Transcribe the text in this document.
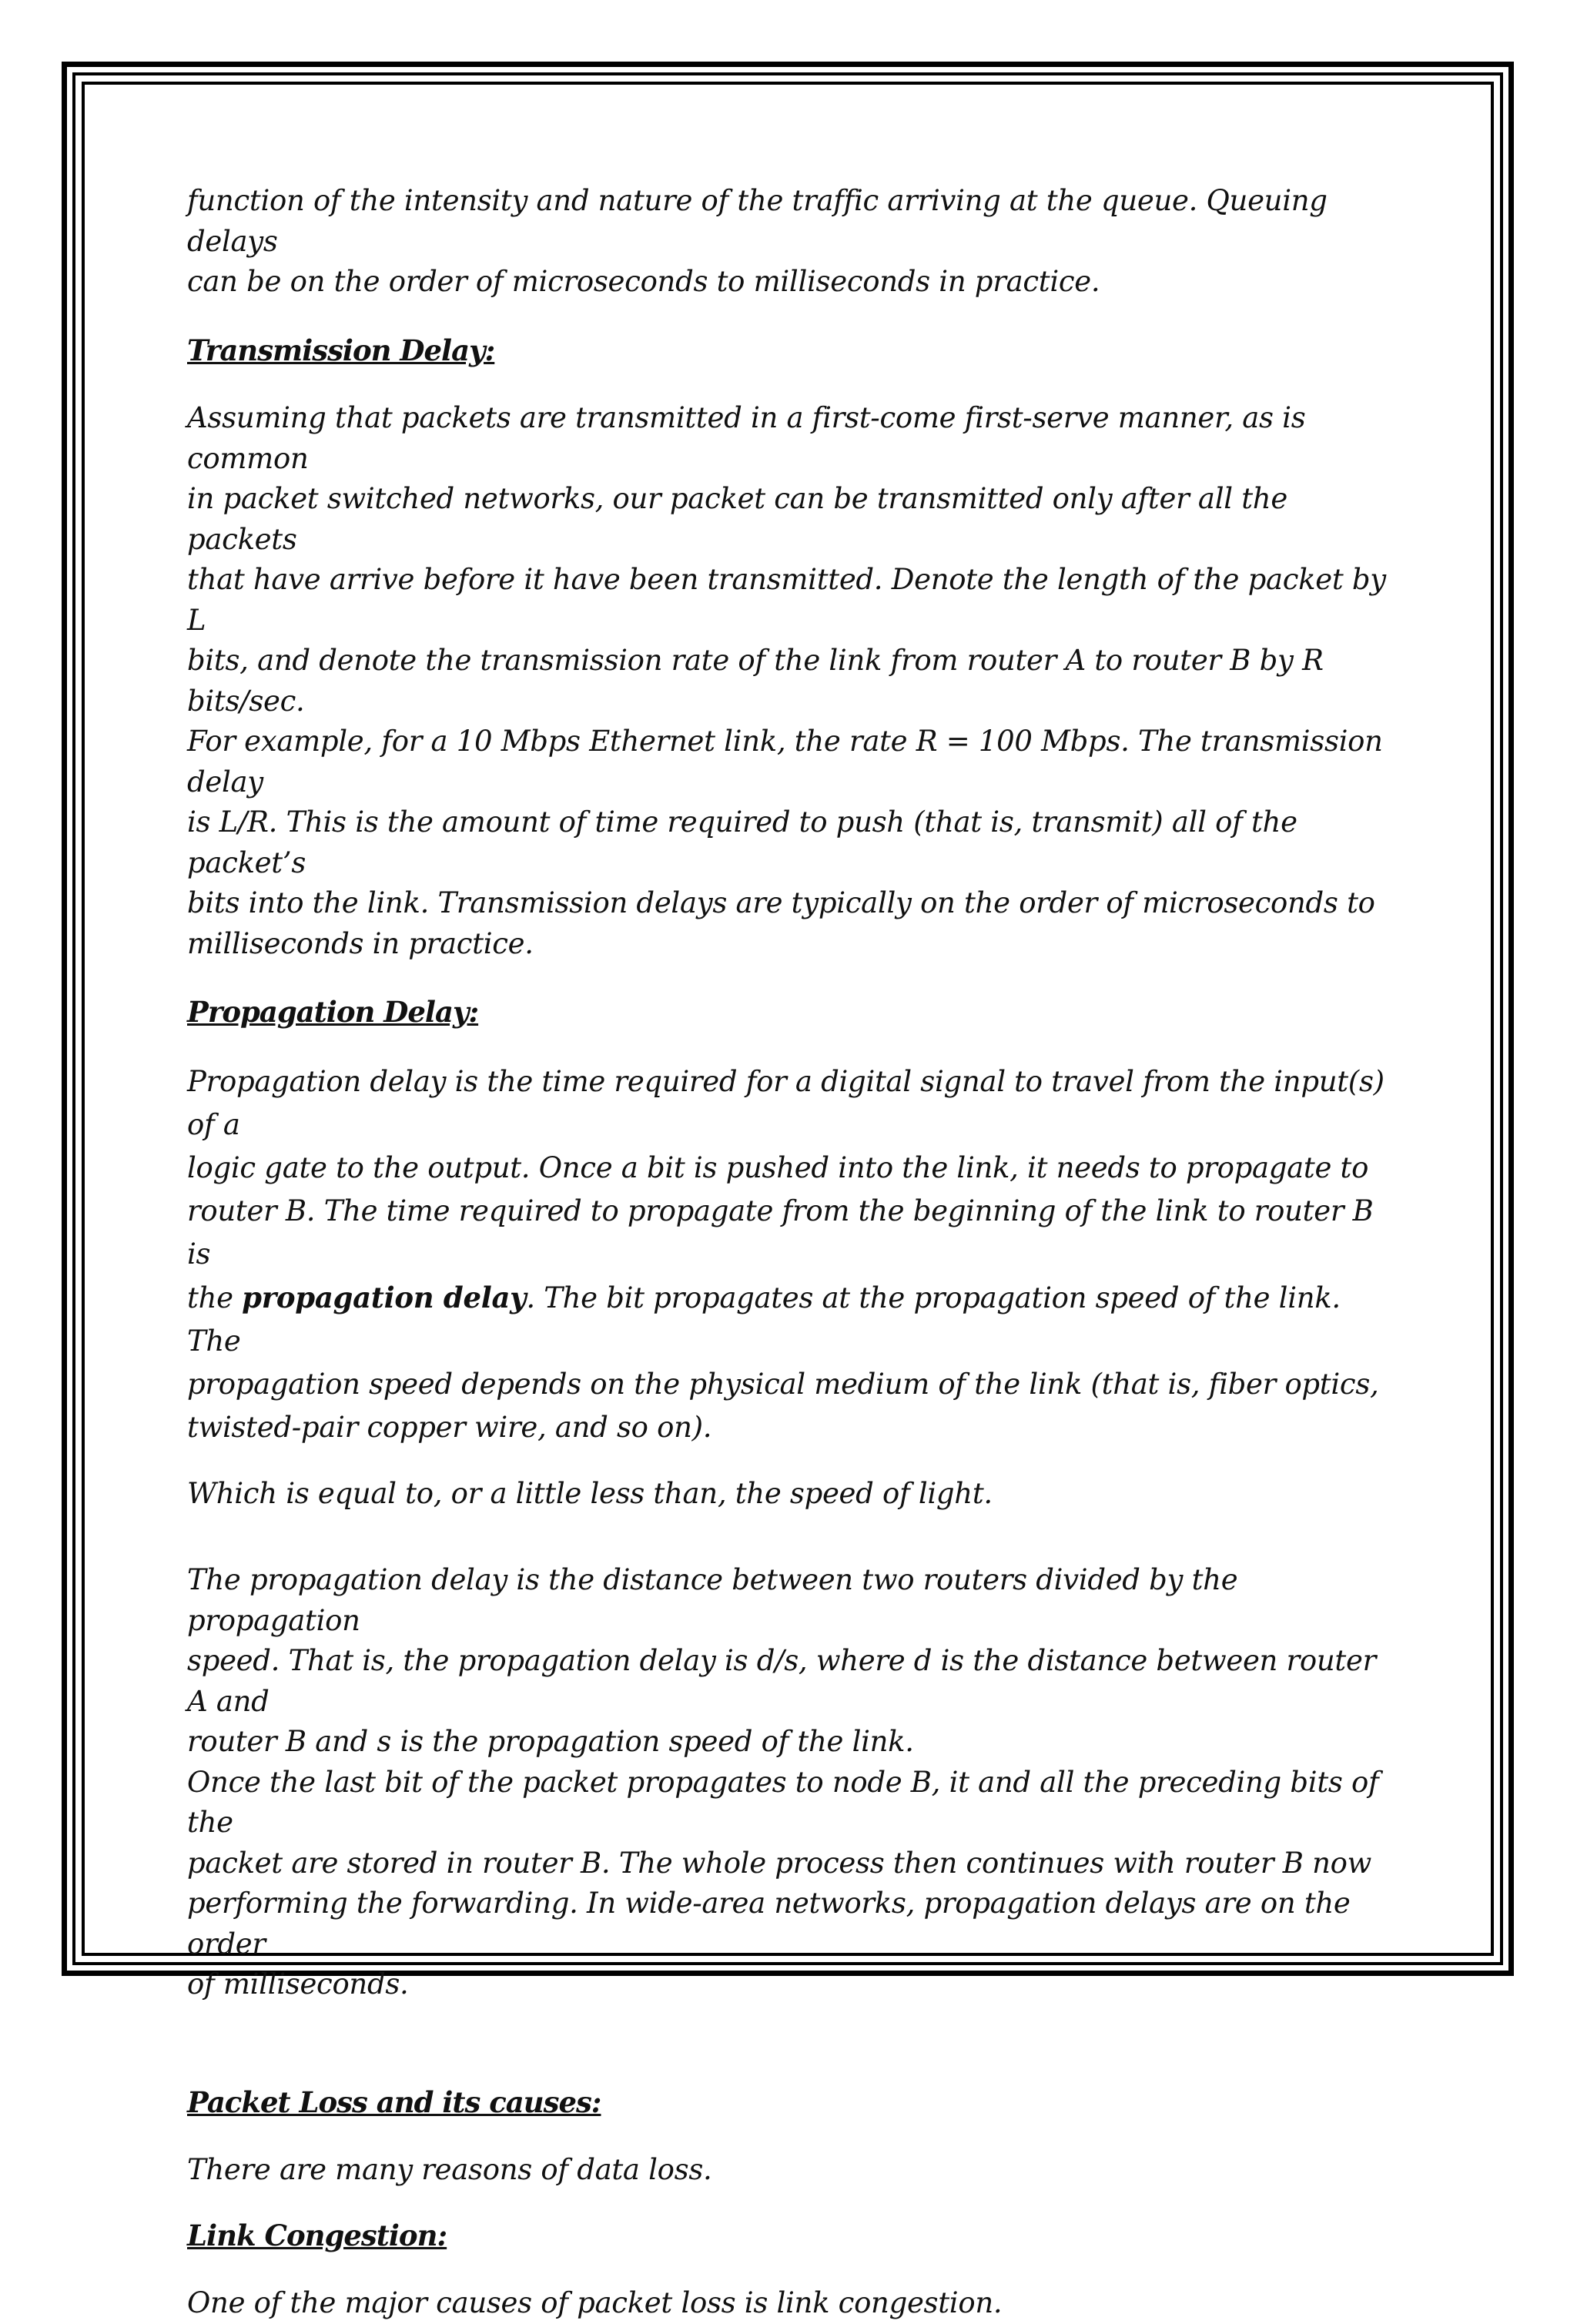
function of the intensity and nature of the traffic arriving at the queue. Queuing delays

can be on the order of microseconds to milliseconds in practice.

Transmission Delay:

Assuming that packets are transmitted in a first-come first-serve manner, as is common

in packet switched networks, our packet can be transmitted only after all the packets

that have arrive before it have been transmitted. Denote the length of the packet by L

bits, and denote the transmission rate of the link from router A to router B by R bits/sec.

For example, for a 10 Mbps Ethernet link, the rate R = 100 Mbps. The transmission delay

is L/R. This is the amount of time required to push (that is, transmit) all of the packet’s

bits into the link. Transmission delays are typically on the order of microseconds to

milliseconds in practice.

Propagation Delay:

Propagation delay is the time required for a digital signal to travel from the input(s) of a

logic gate to the output. Once a bit is pushed into the link, it needs to propagate to

router B. The time required to propagate from the beginning of the link to router B is

the propagation delay. The bit propagates at the propagation speed of the link. The

propagation speed depends on the physical medium of the link (that is, fiber optics,

twisted-pair copper wire, and so on).

Which is equal to, or a little less than, the speed of light.

The propagation delay is the distance between two routers divided by the propagation

speed. That is, the propagation delay is d/s, where d is the distance between router A and

router B and s is the propagation speed of the link.

Once the last bit of the packet propagates to node B, it and all the preceding bits of the

packet are stored in router B. The whole process then continues with router B now

performing the forwarding. In wide-area networks, propagation delays are on the order

of milliseconds.

Packet Loss and its causes:

There are many reasons of data loss.

Link Congestion:

One of the major causes of packet loss is link congestion.
